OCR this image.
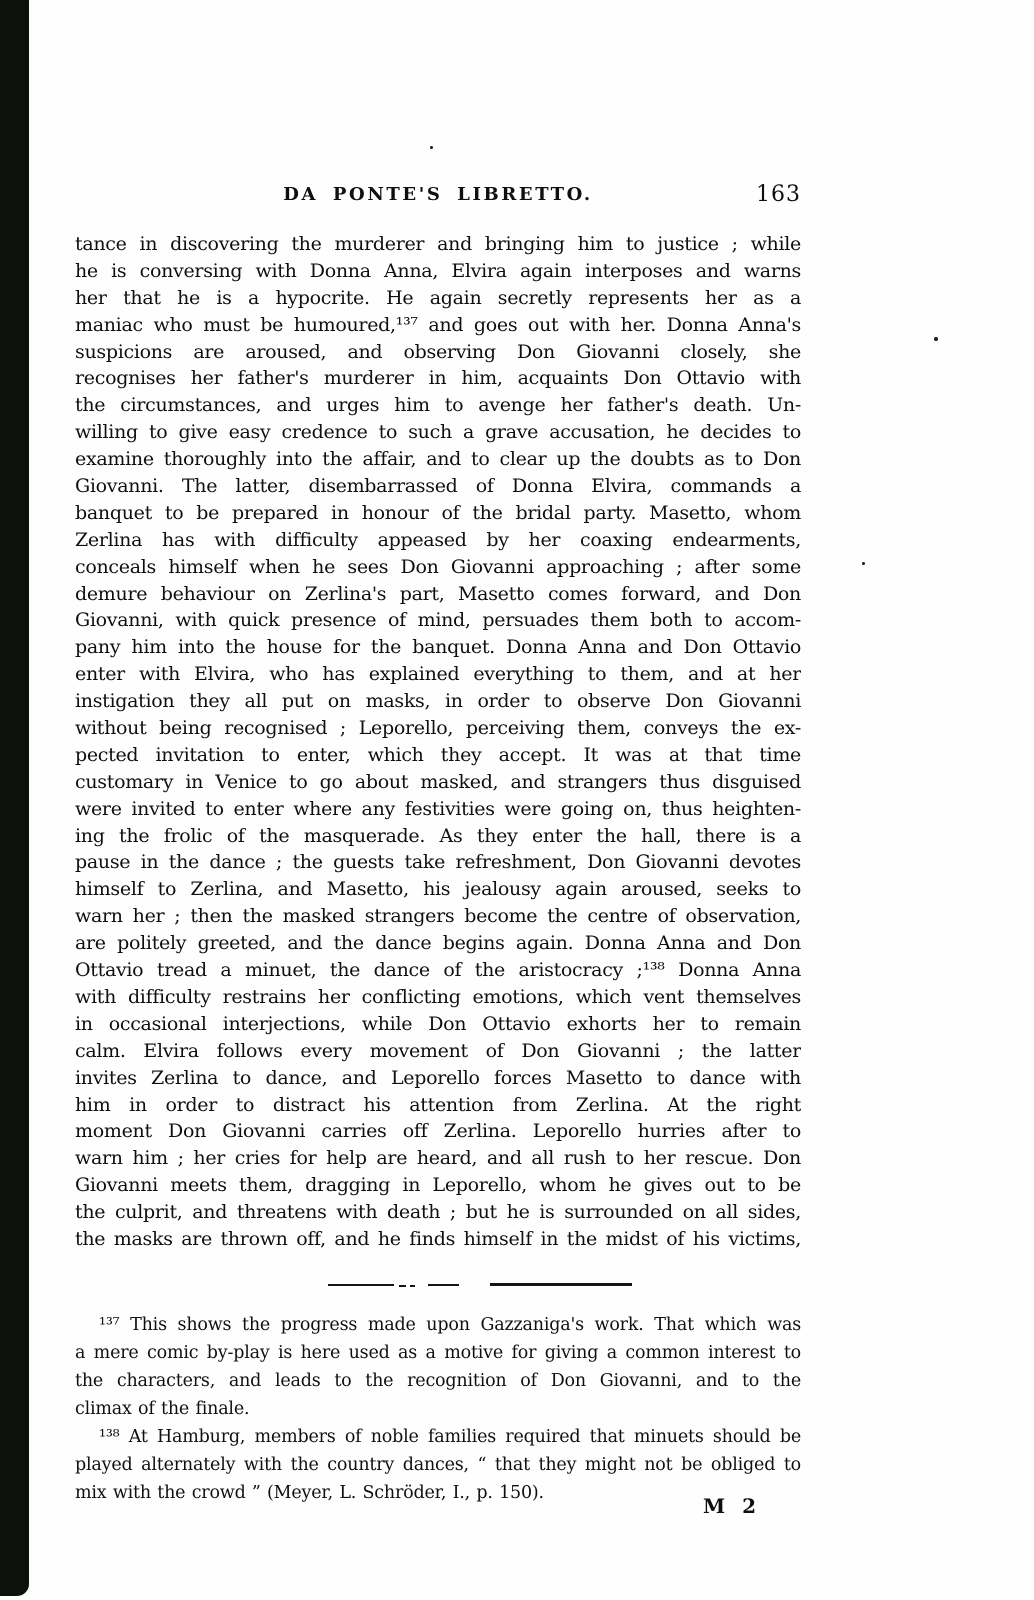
DA PONTE'S LIBRETTO.	163
tance in discovering the murderer and bringing him to justice ; while
he is conversing with Donna Anna, Elvira again interposes and warns
her that he is a hypocrite. He again secretly represents her as a
maniac who must be humoured,¹³⁷ and goes out with her. Donna Anna's
suspicions are aroused, and observing Don Giovanni closely, she
recognises her father's murderer in him, acquaints Don Ottavio with
the circumstances, and urges him to avenge her father's death. Un-
willing to give easy credence to such a grave accusation, he decides to
examine thoroughly into the affair, and to clear up the doubts as to Don
Giovanni. The latter, disembarrassed of Donna Elvira, commands a
banquet to be prepared in honour of the bridal party. Masetto, whom
Zerlina has with difficulty appeased by her coaxing endearments,
conceals himself when he sees Don Giovanni approaching ; after some
demure behaviour on Zerlina's part, Masetto comes forward, and Don
Giovanni, with quick presence of mind, persuades them both to accom-
pany him into the house for the banquet. Donna Anna and Don Ottavio
enter with Elvira, who has explained everything to them, and at her
instigation they all put on masks, in order to observe Don Giovanni
without being recognised ; Leporello, perceiving them, conveys the ex-
pected invitation to enter, which they accept. It was at that time
customary in Venice to go about masked, and strangers thus disguised
were invited to enter where any festivities were going on, thus heighten-
ing the frolic of the masquerade. As they enter the hall, there is a
pause in the dance ; the guests take refreshment, Don Giovanni devotes
himself to Zerlina, and Masetto, his jealousy again aroused, seeks to
warn her ; then the masked strangers become the centre of observation,
are politely greeted, and the dance begins again. Donna Anna and Don
Ottavio tread a minuet, the dance of the aristocracy ;¹³⁸ Donna Anna
with difficulty restrains her conflicting emotions, which vent themselves
in occasional interjections, while Don Ottavio exhorts her to remain
calm. Elvira follows every movement of Don Giovanni ; the latter
invites Zerlina to dance, and Leporello forces Masetto to dance with
him in order to distract his attention from Zerlina. At the right
moment Don Giovanni carries off Zerlina. Leporello hurries after to
warn him ; her cries for help are heard, and all rush to her rescue. Don
Giovanni meets them, dragging in Leporello, whom he gives out to be
the culprit, and threatens with death ; but he is surrounded on all sides,
the masks are thrown off, and he finds himself in the midst of his victims,
¹³⁷ This shows the progress made upon Gazzaniga's work. That which was
a mere comic by-play is here used as a motive for giving a common interest to
the characters, and leads to the recognition of Don Giovanni, and to the
climax of the finale.
¹³⁸ At Hamburg, members of noble families required that minuets should be
played alternately with the country dances, “ that they might not be obliged to
mix with the crowd ” (Meyer, L. Schröder, I., p. 150).
M  2
